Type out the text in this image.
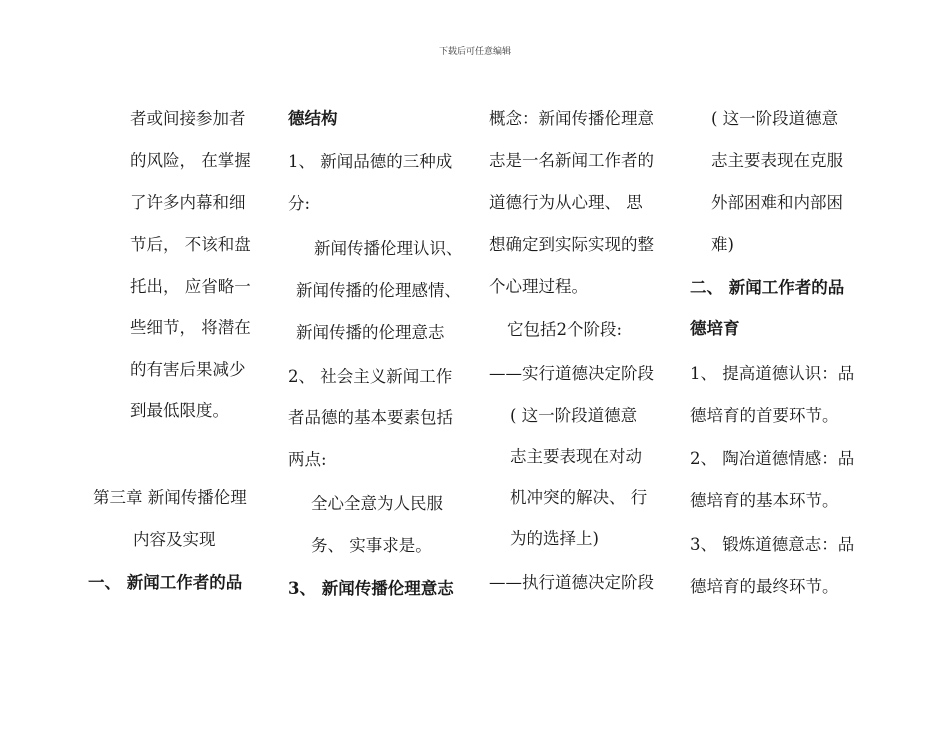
下载后可任意编辑
者或间接参加者
的风险， 在掌握
了许多内幕和细
节后， 不该和盘
托出， 应省略一
些细节， 将潜在
的有害后果减少
到最低限度。
第三章 新闻传播伦理
内容及实现
一、 新闻工作者的品
德结构
1、 新闻品德的三种成
分:
新闻传播伦理认识、
新闻传播的伦理感情、
新闻传播的伦理意志
2、 社会主义新闻工作
者品德的基本要素包括
两点:
全心全意为人民服
务、 实事求是。
3、 新闻传播伦理意志
概念：新闻传播伦理意
志是一名新闻工作者的
道德行为从心理、 思
想确定到实际实现的整
个心理过程。
它包括2个阶段:
——实行道德决定阶段
( 这一阶段道德意
志主要表现在对动
机冲突的解决、 行
为的选择上)
——执行道德决定阶段
( 这一阶段道德意
志主要表现在克服
外部困难和内部困
难)
二、 新闻工作者的品
德培育
1、 提高道德认识：品
德培育的首要环节。
2、 陶冶道德情感：品
德培育的基本环节。
3、 锻炼道德意志：品
德培育的最终环节。
